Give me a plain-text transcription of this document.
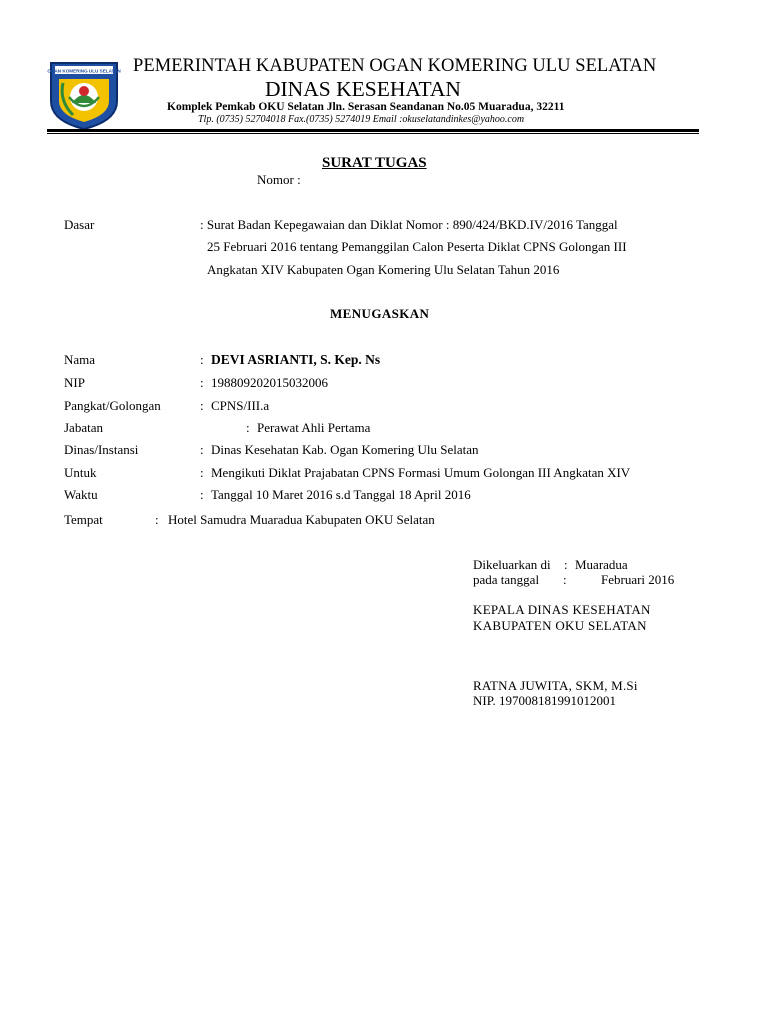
OGAN KOMERING ULU SELATAN PEMERINTAH KABUPATEN OGAN KOMERING ULU SELATAN
DINAS KESEHATAN
Komplek Pemkab OKU Selatan Jln. Serasan Seandanan No.05 Muaradua, 32211
Tlp. (0735) 52704018 Fax.(0735) 5274019 Email :okuselatandinkes@yahoo.com
SURAT TUGAS
Nomor :
Dasar	: Surat Badan Kepegawaian dan Diklat Nomor : 890/424/BKD.IV/2016 Tanggal
25 Februari 2016 tentang Pemanggilan Calon Peserta Diklat CPNS Golongan III
Angkatan XIV Kabupaten Ogan Komering Ulu Selatan Tahun 2016
MENUGASKAN
Nama	: DEVI ASRIANTI, S. Kep. Ns
NIP	: 198809202015032006
Pangkat/Golongan	: CPNS/III.a
Jabatan	: Perawat Ahli Pertama
Dinas/Instansi	: Dinas Kesehatan Kab. Ogan Komering Ulu Selatan
Untuk	: Mengikuti Diklat Prajabatan CPNS Formasi Umum Golongan III Angkatan XIV
Waktu	: Tanggal 10 Maret 2016 s.d Tanggal 18 April 2016
Tempat	: Hotel Samudra Muaradua Kabupaten OKU Selatan
Dikeluarkan di : Muaradua
pada tanggal :	Februari 2016
KEPALA DINAS KESEHATAN
KABUPATEN OKU SELATAN
RATNA JUWITA, SKM, M.Si
NIP. 197008181991012001
